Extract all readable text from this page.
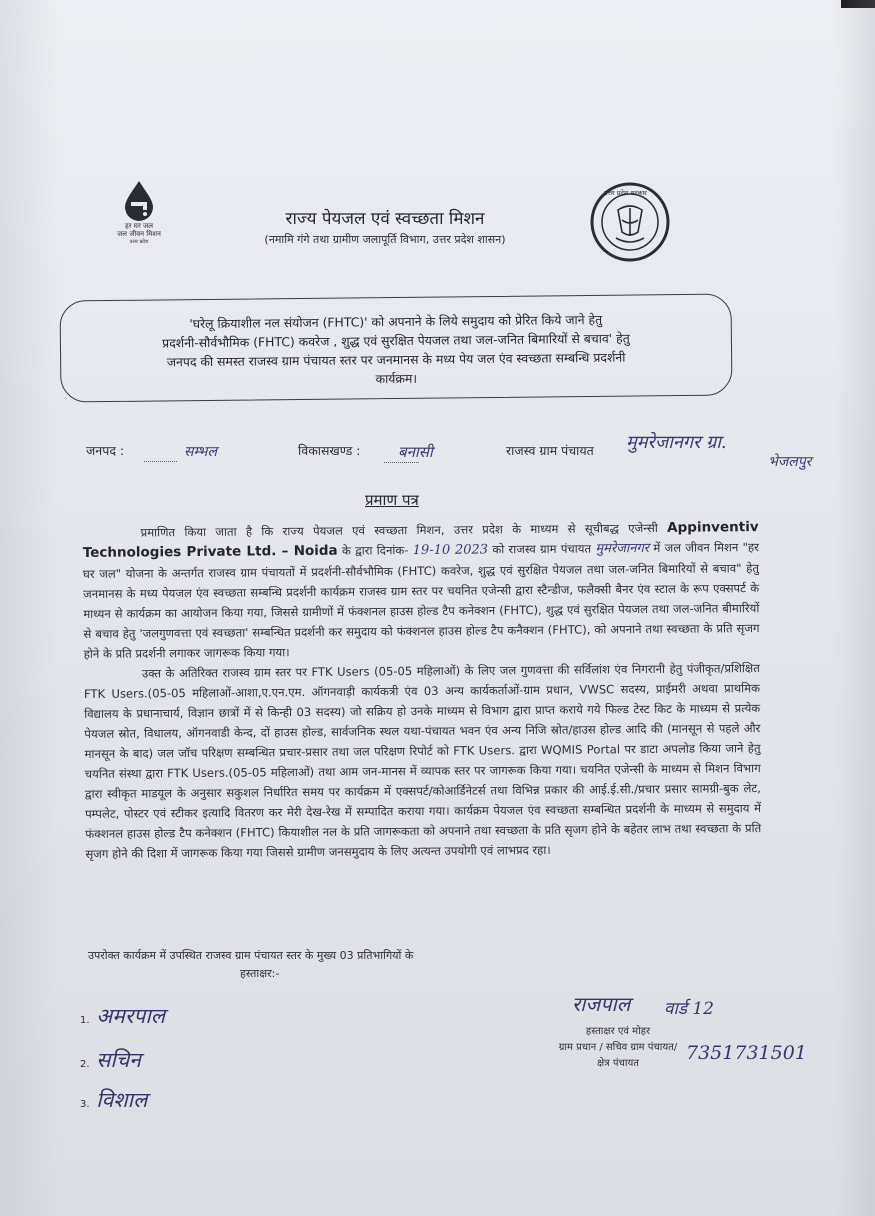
हर घर जल
जल जीवन मिशन
उत्तर प्रदेश
उत्तर प्रदेश सरकार
राज्य पेयजल एवं स्वच्छता मिशन
(नमामि गंगे तथा ग्रामीण जलापूर्ति विभाग, उत्तर प्रदेश शासन)
'घरेलू क्रियाशील नल संयोजन (FHTC)' को अपनाने के लिये समुदाय को प्रेरित किये जाने हेतु
प्रदर्शनी-सौर्वभौमिक (FHTC) कवरेज , शुद्ध एवं सुरक्षित पेयजल तथा जल-जनित बिमारियों से बचाव' हेतु
जनपद की समस्त राजस्व ग्राम पंचायत स्तर पर जनमानस के मध्य पेय जल एंव स्वच्छता सम्बन्धि प्रदर्शनी
कार्यक्रम।
जनपद :	सम्भल	विकासखण्ड :	बनासी	राजस्व ग्राम पंचायत मुमरेजानगर ग्रा.
भेजलपुर
प्रमाण पत्र

प्रमाणित किया जाता है कि राज्य पेयजल एवं स्वच्छता मिशन, उत्तर प्रदेश के माध्यम से सूचीबद्ध एजेन्सी Appinventiv Technologies Private Ltd. – Noida के द्वारा दिनांक- 19-10 2023 को राजस्व ग्राम पंचायत मुमरेजानगर में जल जीवन मिशन "हर घर जल" योजना के अन्तर्गत राजस्व ग्राम पंचायतों में प्रदर्शनी-सौर्वभौमिक (FHTC) कवरेज, शुद्ध एवं सुरक्षित पेयजल तथा जल-जनित बिमारियों से बचाव" हेतु जनमानस के मध्य पेयजल एंव स्वच्छता सम्बन्धि प्रदर्शनी कार्यक्रम राजस्व ग्राम स्तर पर चयनित एजेन्सी द्वारा स्टैन्डीज, फलैक्सी बैनर एंव स्टाल के रूप एक्सपर्ट के माध्यन से कार्यक्रम का आयोजन किया गया, जिससे ग्रामीणों में फंक्शनल हाउस होल्ड टैप कनेक्शन (FHTC), शुद्ध एवं सुरक्षित पेयजल तथा जल-जनित बीमारियों से बचाव हेतु 'जलगुणवत्ता एवं स्वच्छता' सम्बन्धित प्रदर्शनी कर समुदाय को फंक्शनल हाउस होल्ड टैप कनैक्शन (FHTC), को अपनाने तथा स्वच्छता के प्रति सृजग होने के प्रति प्रदर्शनी लगाकर जागरूक किया गया।

उक्त के अतिरिक्त राजस्व ग्राम स्तर पर FTK Users (05-05 महिलाओं) के लिए जल गुणवत्ता की सर्विलांश एंव निगरानी हेतु पंजीकृत/प्रशिक्षित FTK Users.(05-05 महिलाओं-आशा,ए.एन.एम. ऑगनवाड़ी कार्यकत्री एंव 03 अन्य कार्यकर्ताओं-ग्राम प्रधान, VWSC सदस्य, प्राईमरी अथवा प्राथमिक विद्यालय के प्रधानाचार्य, विज्ञान छात्रों में से किन्ही 03 सदस्य) जो सक्रिय हो उनके माध्यम से विभाग द्वारा प्राप्त कराये गये फिल्ड टेस्ट किट के माध्यम से प्रत्येक पेयजल स्रोत, विधालय, ऑगनवाडी केन्द, दों हाउस होल्ड, सार्वजनिक स्थल यथा-पंचायत भवन एंव अन्य निजि स्रोत/हाउस होल्ड आदि की (मानसून से पहले और मानसून के बाद) जल जॉच परिक्षण सम्बन्धित प्रचार-प्रसार तथा जल परिक्षण रिपोर्ट को FTK Users. द्वारा WQMIS Portal पर डाटा अपलोड किया जाने हेतु चयनित संस्था द्वारा FTK Users.(05-05 महिलाओं) तथा आम जन-मानस में व्यापक स्तर पर जागरूक किया गया। चयनित एजेन्सी के माध्यम से मिशन विभाग द्वारा स्वीकृत माडयूल के अनुसार सकुशल निर्धारित समय पर कार्यक्रम में एक्सपर्ट/कोआर्डिनेटर्स तथा विभिन्न प्रकार की आई.ई.सी./प्रचार प्रसार सामग्री-बुक लेट, पम्पलेट, पोस्टर एवं स्टीकर इत्यादि वितरण कर मेरी देख-रेख में सम्पादित कराया गया। कार्यक्रम पेयजल एंव स्वच्छता सम्बन्धित प्रदर्शनी के माध्यम से समुदाय में फंक्शनल हाउस होल्ड टैप कनेक्शन (FHTC) कियाशील नल के प्रति जागरूकता को अपनाने तथा स्वच्छता के प्रति सृजग होने के बहेतर लाभ तथा स्वच्छता के प्रति सृजग होने की दिशा में जागरूक किया गया जिससे ग्रामीण जनसमुदाय के लिए अत्यन्त उपयोगी एवं लाभप्रद रहा।

उपरोक्त कार्यक्रम में उपस्थित राजस्व ग्राम पंचायत स्तर के मुख्य 03 प्रतिभागियों के
हस्ताक्षर:-
1. अमरपाल
2. सचिन
3. विशाल
राजपाल वार्ड 12
हस्ताक्षर एवं मोहर
ग्राम प्रधान / सचिव ग्राम पंचायत/
क्षेत्र पंचायत	7351731501
